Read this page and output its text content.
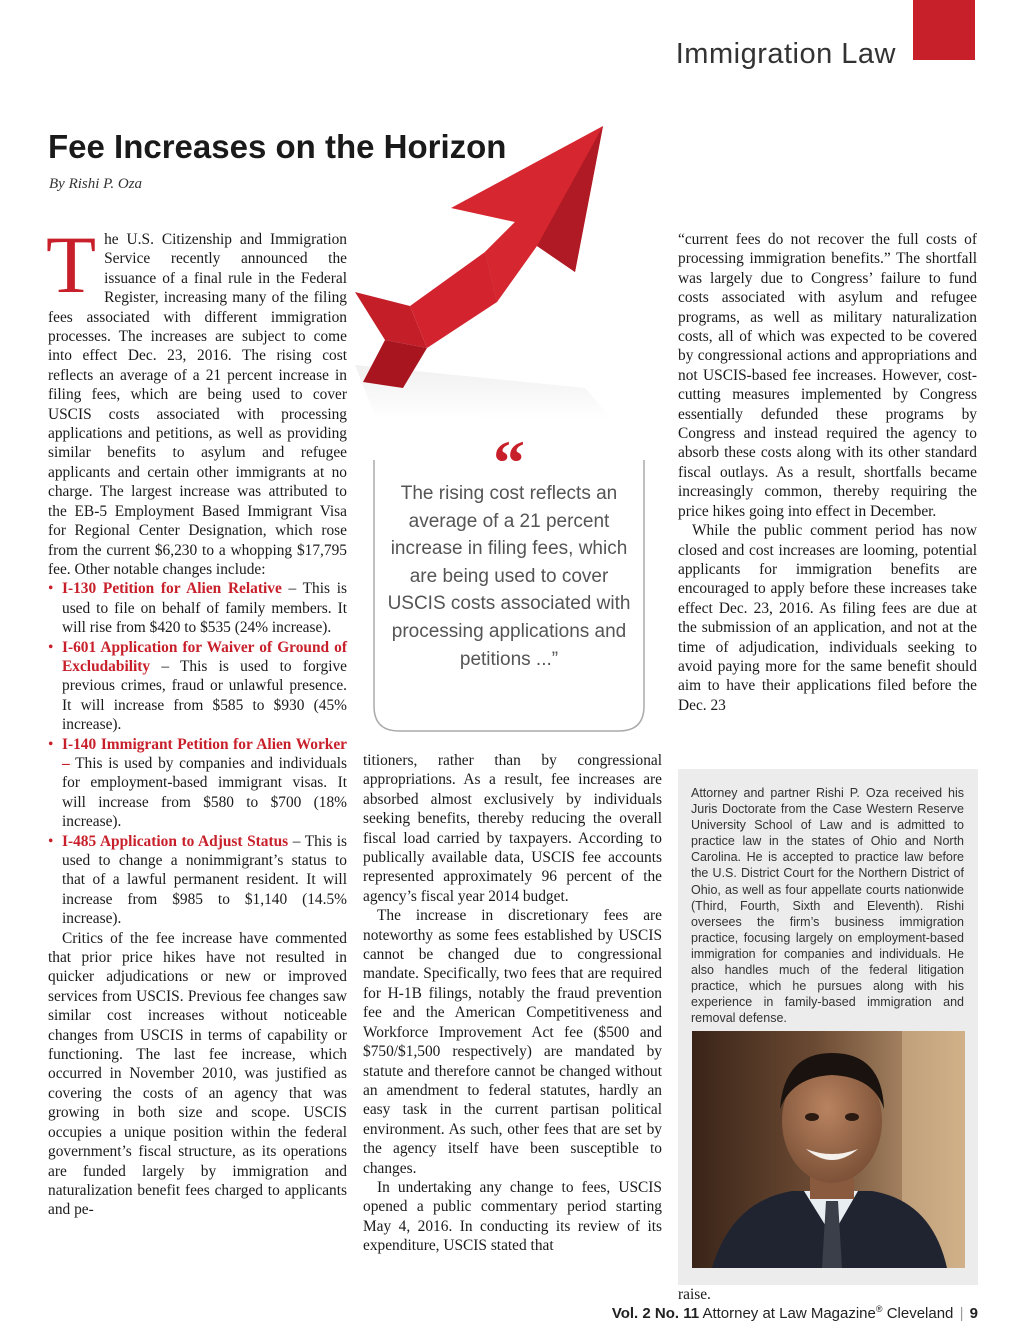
Immigration Law
Fee Increases on the Horizon
By Rishi P. Oza
“
The rising cost reflects an average of a 21 percent increase in filing fees, which are being used to cover USCIS costs associated with processing applications and petitions ...”

The U.S. Citizenship and Immigration Service recently announced the issuance of a final rule in the Federal Register, increasing many of the filing fees associated with different immigration processes. The increases are subject to come into effect Dec. 23, 2016. The rising cost reflects an average of a 21 percent increase in filing fees, which are being used to cover USCIS costs associated with processing applications and petitions, as well as providing similar benefits to asylum and refugee applicants and certain other immigrants at no charge. The largest increase was attributed to the EB-5 Employment Based Immigrant Visa for Regional Center Designation, which rose from the current $6,230 to a whopping $17,795 fee. Other notable changes include:

• I-130 Petition for Alien Relative – This is used to file on behalf of family members. It will rise from $420 to $535 (24% increase).
• I-601 Application for Waiver of Ground of Excludability – This is used to forgive previous crimes, fraud or unlawful presence. It will increase from $585 to $930 (45% increase).
• I-140 Immigrant Petition for Alien Worker – This is used by companies and individuals for employment-based immigrant visas. It will increase from $580 to $700 (18% increase).
• I-485 Application to Adjust Status – This is used to change a nonimmigrant’s status to that of a lawful permanent resident. It will increase from $985 to $1,140 (14.5% increase).

Critics of the fee increase have commented that prior price hikes have not resulted in quicker adjudications or new or improved services from USCIS. Previous fee changes saw similar cost increases without noticeable changes from USCIS in terms of capability or functioning. The last fee increase, which occurred in November 2010, was justified as covering the costs of an agency that was growing in both size and scope. USCIS occupies a unique position within the federal government’s fiscal structure, as its operations are funded largely by immigration and naturalization benefit fees charged to applicants and pe-

titioners, rather than by congressional appropriations. As a result, fee increases are absorbed almost exclusively by individuals seeking benefits, thereby reducing the overall fiscal load carried by taxpayers. According to publically available data, USCIS fee accounts represented approximately 96 percent of the agency’s fiscal year 2014 budget.

The increase in discretionary fees are noteworthy as some fees established by USCIS cannot be changed due to congressional mandate. Specifically, two fees that are required for H-1B filings, notably the fraud prevention fee and the American Competitiveness and Workforce Improvement Act fee ($500 and $750/$1,500 respectively) are mandated by statute and therefore cannot be changed without an amendment to federal statutes, hardly an easy task in the current partisan political environment. As such, other fees that are set by the agency itself have been susceptible to changes.

In undertaking any change to fees, USCIS opened a public commentary period starting May 4, 2016. In conducting its review of its expenditure, USCIS stated that

“current fees do not recover the full costs of processing immigration benefits.” The shortfall was largely due to Congress’ failure to fund costs associated with asylum and refugee programs, as well as military naturalization costs, all of which was expected to be covered by congressional actions and appropriations and not USCIS-based fee increases. However, cost-cutting measures implemented by Congress essentially defunded these programs by Congress and instead required the agency to absorb these costs along with its other standard fiscal outlays. As a result, shortfalls became increasingly common, thereby requiring the price hikes going into effect in December.

While the public comment period has now closed and cost increases are looming, potential applicants for immigration benefits are encouraged to apply before these increases take effect Dec. 23, 2016. As filing fees are due at the submission of an application, and not at the time of adjudication, individuals seeking to avoid paying more for the same benefit should aim to have their applications filed before the Dec. 23

Attorney and partner Rishi P. Oza received his Juris Doctorate from the Case Western Reserve University School of Law and is admitted to practice law in the states of Ohio and North Carolina. He is accepted to practice law before the U.S. District Court for the Northern District of Ohio, as well as four appellate courts nationwide (Third, Fourth, Sixth and Eleventh). Rishi oversees the firm’s business immigration practice, focusing largely on employment-based immigration for companies and individuals. He also handles much of the federal litigation practice, which he pursues along with his experience in family-based immigration and removal defense.
raise.
Vol. 2 No. 11 Attorney at Law Magazine® Cleveland | 9
